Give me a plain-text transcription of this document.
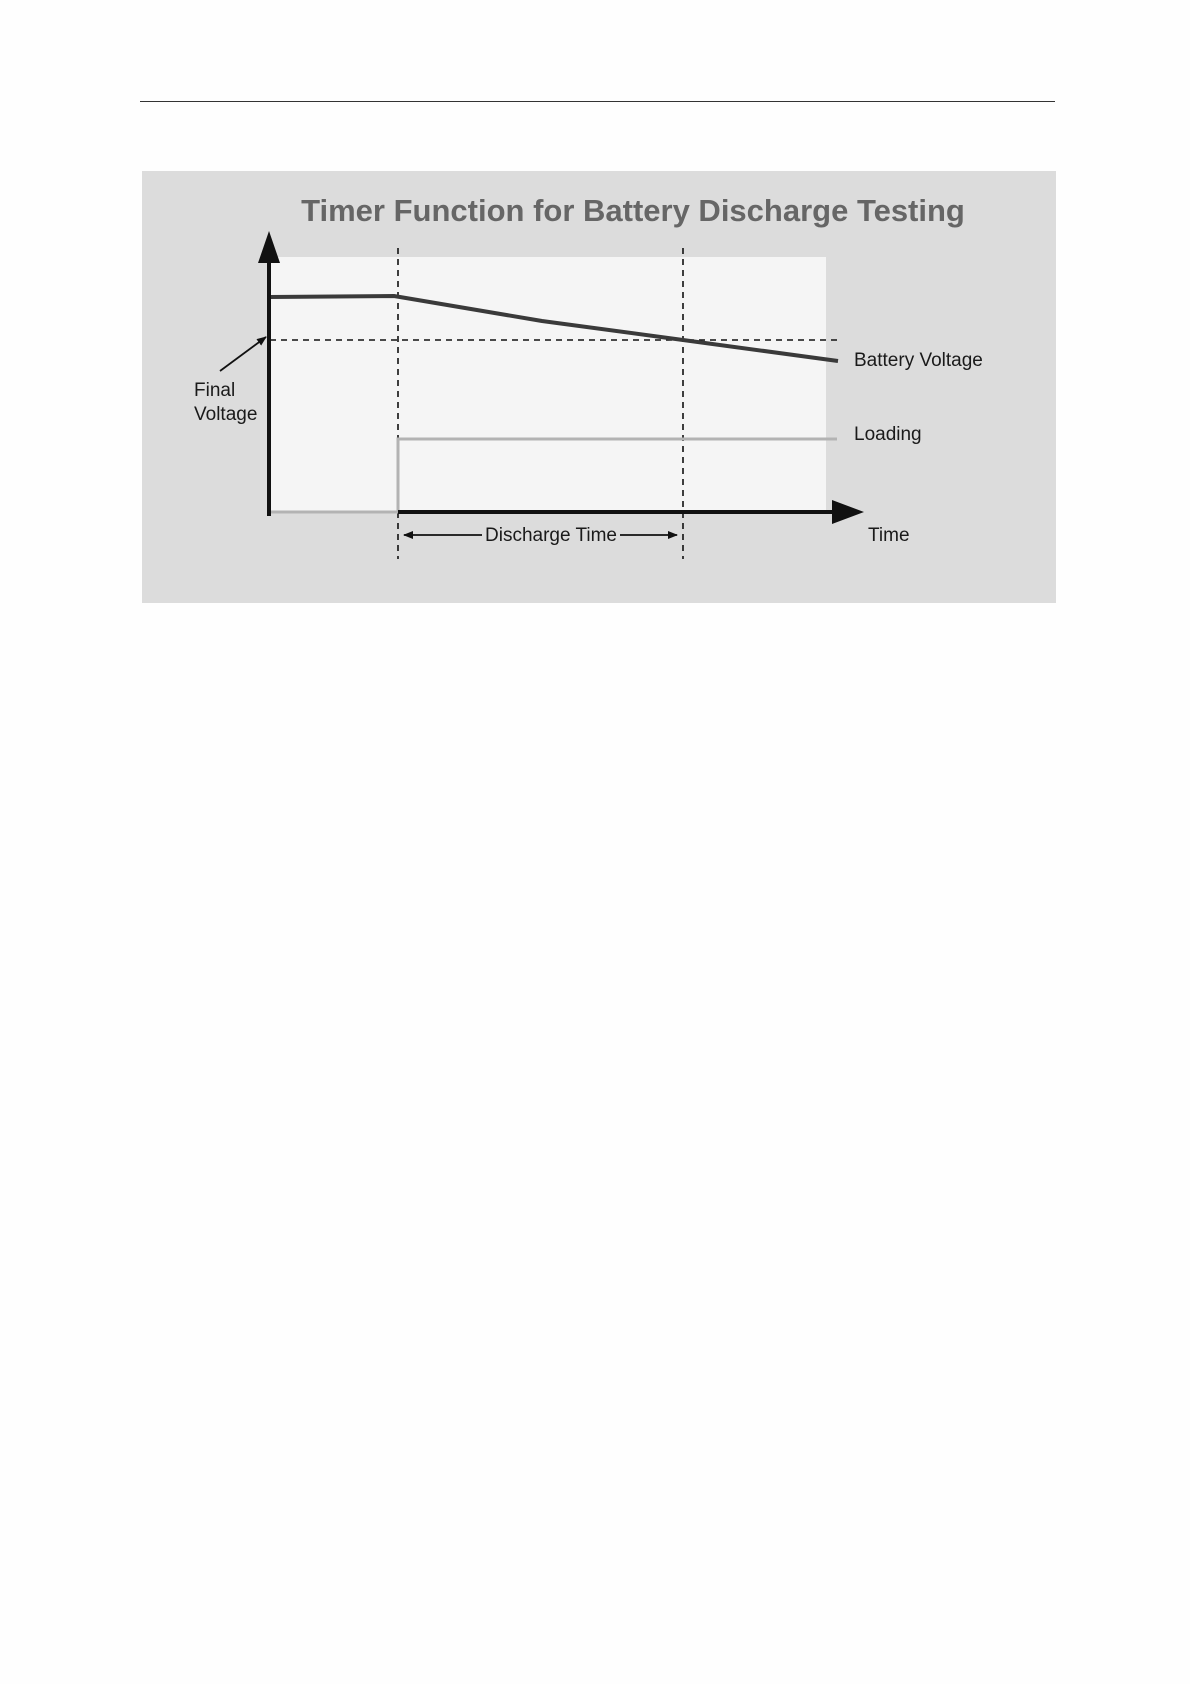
Timer Function for Battery Discharge Testing
Final
Voltage
Battery Voltage
Loading
Discharge Time	Time
